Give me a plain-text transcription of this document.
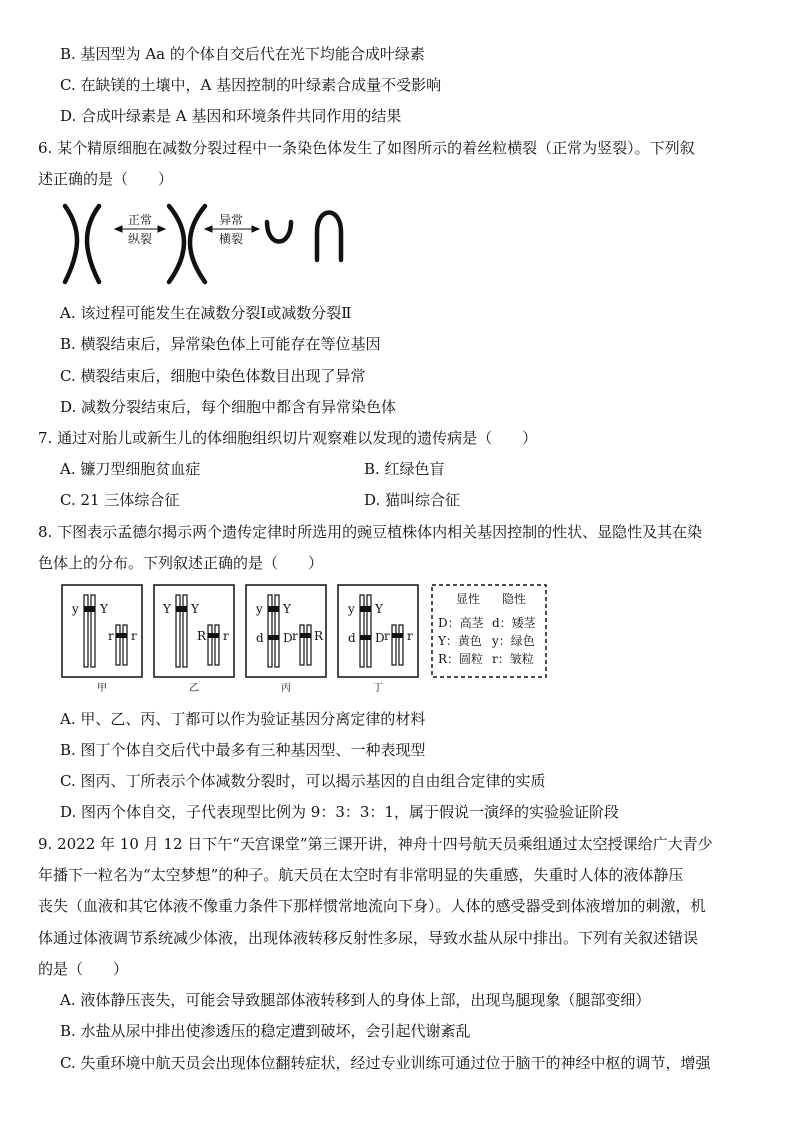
B. 基因型为 Aa 的个体自交后代在光下均能合成叶绿素
C. 在缺镁的土壤中，A 基因控制的叶绿素合成量不受影响
D. 合成叶绿素是 A 基因和环境条件共同作用的结果
6. 某个精原细胞在减数分裂过程中一条染色体发生了如图所示的着丝粒横裂（正常为竖裂）。下列叙
述正确的是（　　）
正常
纵裂
异常
横裂
A. 该过程可能发生在减数分裂Ⅰ或减数分裂Ⅱ
B. 横裂结束后，异常染色体上可能存在等位基因
C. 横裂结束后，细胞中染色体数目出现了异常
D. 减数分裂结束后，每个细胞中都含有异常染色体
7. 通过对胎儿或新生儿的体细胞组织切片观察难以发现的遗传病是（　　）
A. 镰刀型细胞贫血症	B. 红绿色盲
C. 21 三体综合征	D. 猫叫综合征
8. 下图表示孟德尔揭示两个遗传定律时所选用的豌豆植株体内相关基因控制的性状、显隐性及其在染
色体上的分布。下列叙述正确的是（　　）
y Y
r r
Y Y
R r
y Y
d D r R
y Y
d D r r
甲	乙	丙	丁
显性 隐性
D：高茎 d：矮茎
Y：黄色 y：绿色
R：圆粒 r：皱粒
A. 甲、乙、丙、丁都可以作为验证基因分离定律的材料
B. 图丁个体自交后代中最多有三种基因型、一种表现型
C. 图丙、丁所表示个体减数分裂时，可以揭示基因的自由组合定律的实质
D. 图丙个体自交，子代表现型比例为 9：3：3：1，属于假说一演绎的实验验证阶段
9. 2022 年 10 月 12 日下午“天宫课堂”第三课开讲，神舟十四号航天员乘组通过太空授课给广大青少
年播下一粒名为“太空梦想”的种子。航天员在太空时有非常明显的失重感，失重时人体的液体静压
丧失（血液和其它体液不像重力条件下那样惯常地流向下身）。人体的感受器受到体液增加的刺激，机
体通过体液调节系统减少体液，出现体液转移反射性多尿，导致水盐从尿中排出。下列有关叙述错误
的是（　　）
A. 液体静压丧失，可能会导致腿部体液转移到人的身体上部，出现鸟腿现象（腿部变细）
B. 水盐从尿中排出使渗透压的稳定遭到破坏，会引起代谢紊乱
C. 失重环境中航天员会出现体位翻转症状，经过专业训练可通过位于脑干的神经中枢的调节，增强
